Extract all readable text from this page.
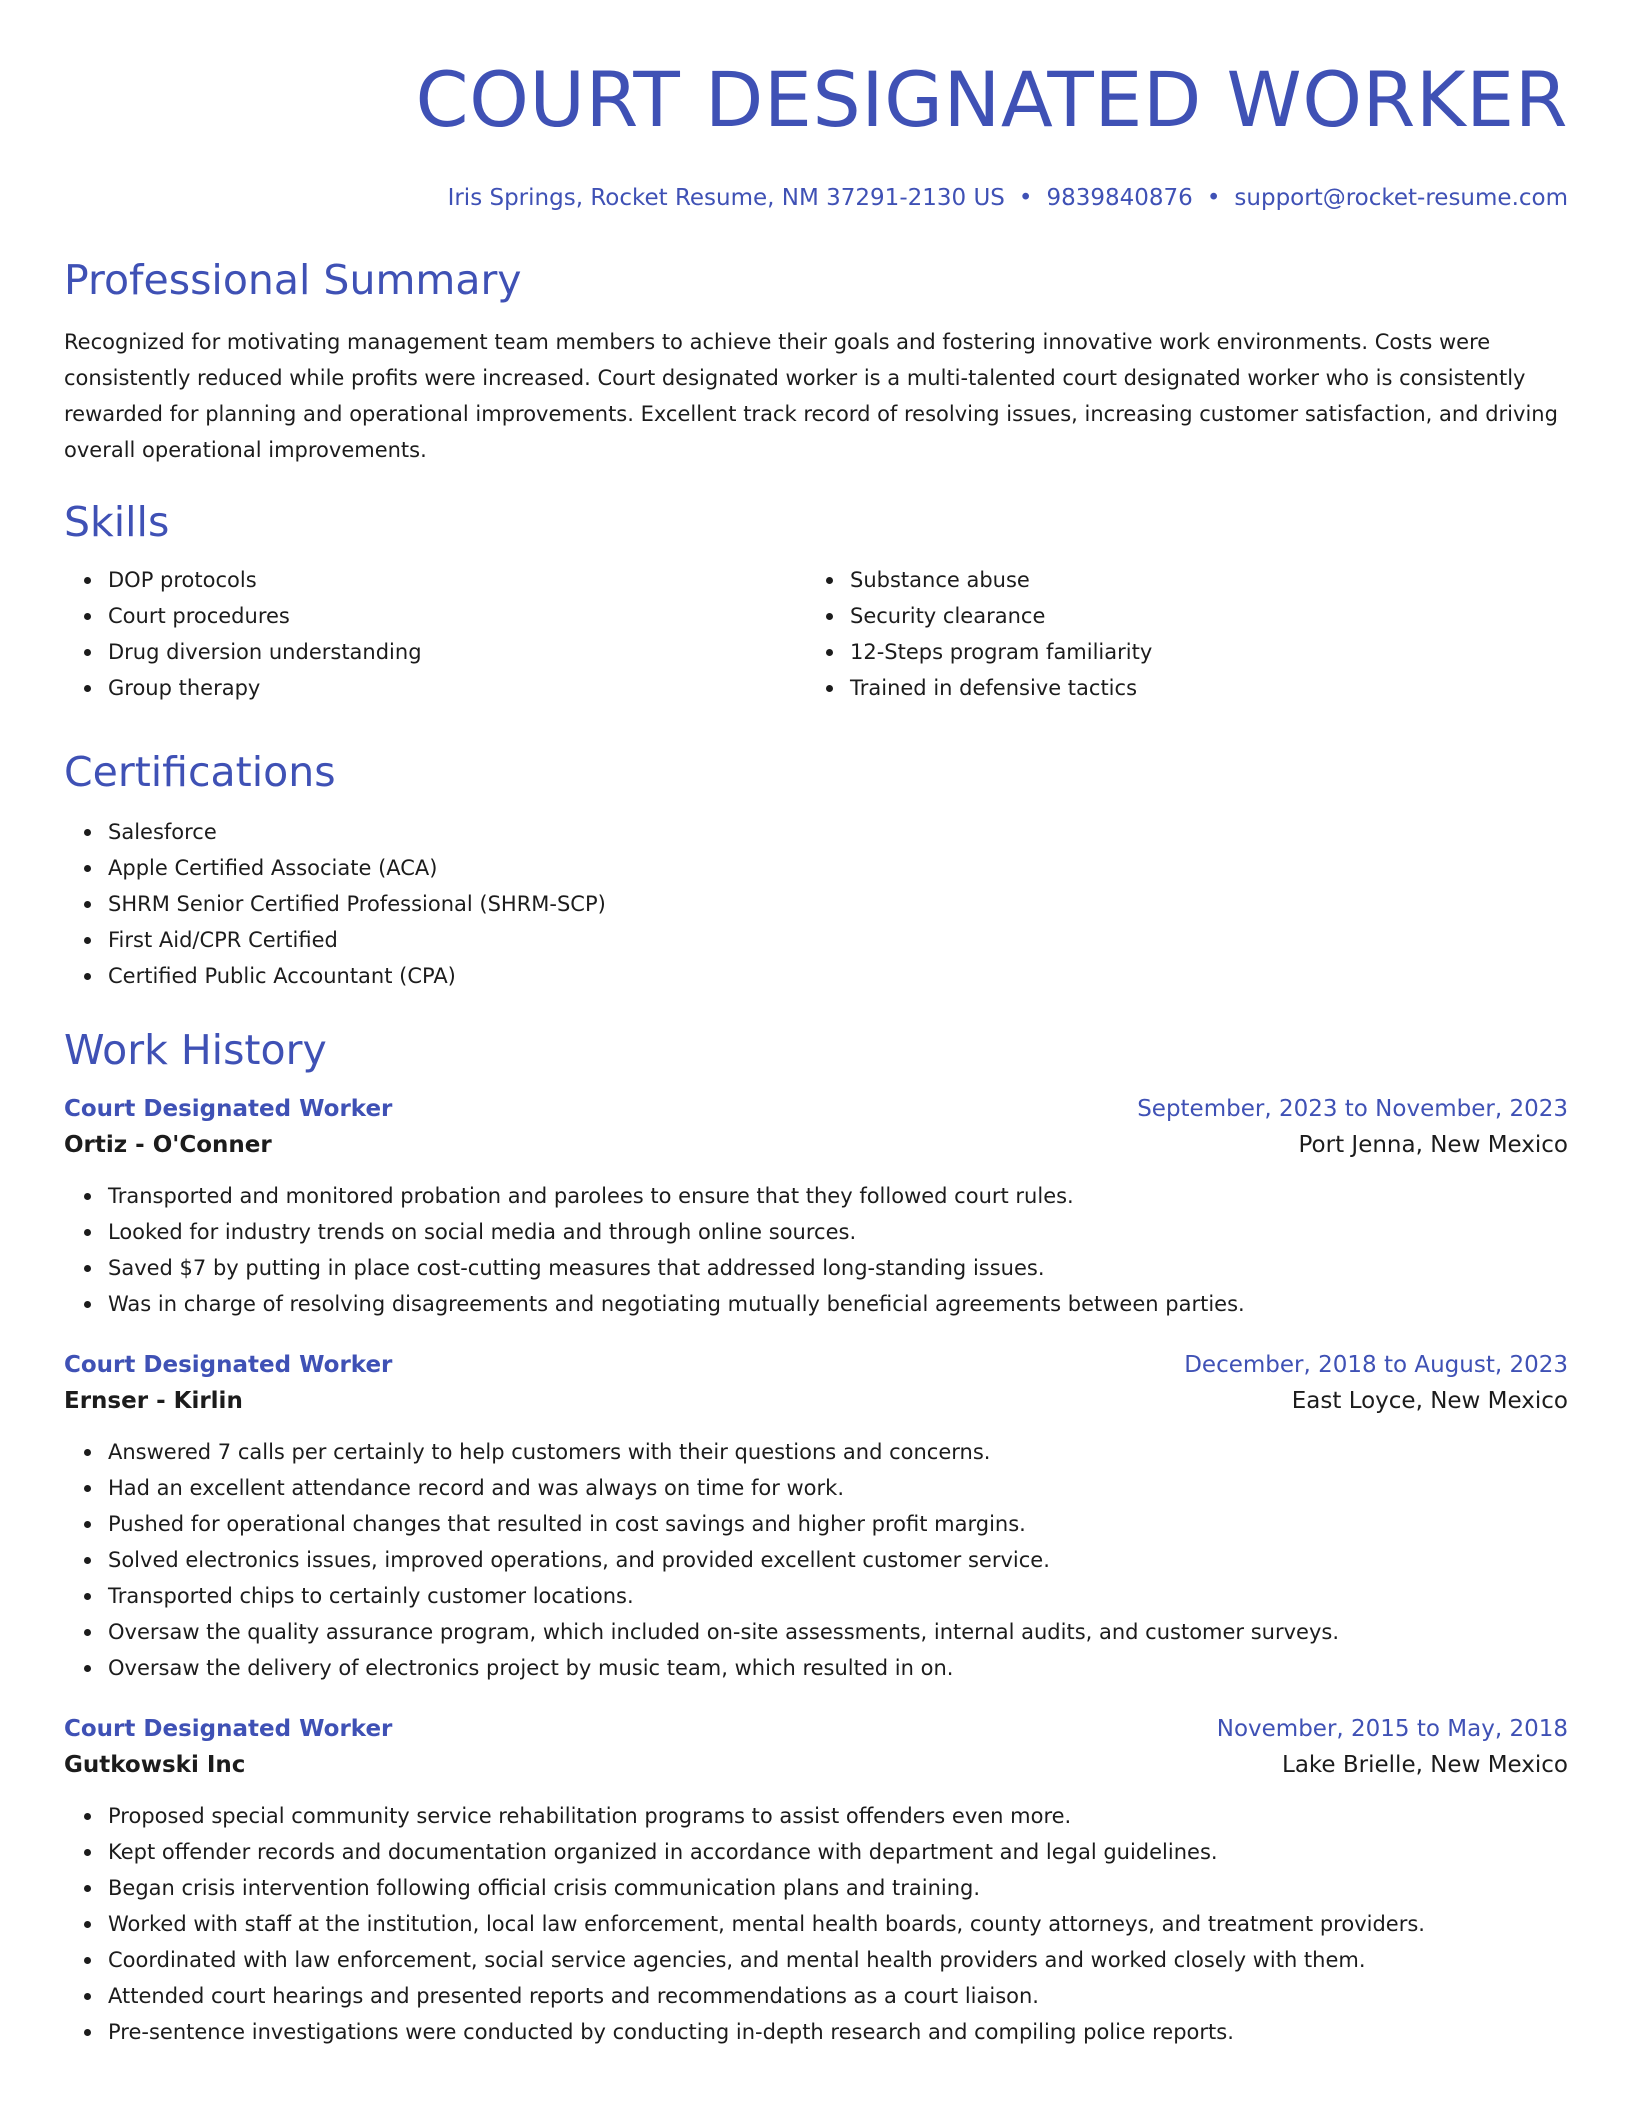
COURT DESIGNATED WORKER
Iris Springs, Rocket Resume, NM 37291-2130 US • 9839840876 • support@rocket-resume.com
Professional Summary

Recognized for motivating management team members to achieve their goals and fostering innovative work environments. Costs were consistently reduced while profits were increased. Court designated worker is a multi-talented court designated worker who is consistently rewarded for planning and operational improvements. Excellent track record of resolving issues, increasing customer satisfaction, and driving overall operational improvements.

Skills
DOP protocols
Court procedures
Drug diversion understanding
Group therapy
Substance abuse
Security clearance
12-Steps program familiarity
Trained in defensive tactics
Certifications
Salesforce
Apple Certified Associate (ACA)
SHRM Senior Certified Professional (SHRM-SCP)
First Aid/CPR Certified
Certified Public Accountant (CPA)
Work History
Court Designated Worker	September, 2023 to November, 2023
Ortiz - O'Conner	Port Jenna, New Mexico
Transported and monitored probation and parolees to ensure that they followed court rules.
Looked for industry trends on social media and through online sources.
Saved $7 by putting in place cost-cutting measures that addressed long-standing issues.
Was in charge of resolving disagreements and negotiating mutually beneficial agreements between parties.
Court Designated Worker	December, 2018 to August, 2023
Ernser - Kirlin	East Loyce, New Mexico
Answered 7 calls per certainly to help customers with their questions and concerns.
Had an excellent attendance record and was always on time for work.
Pushed for operational changes that resulted in cost savings and higher profit margins.
Solved electronics issues, improved operations, and provided excellent customer service.
Transported chips to certainly customer locations.
Oversaw the quality assurance program, which included on-site assessments, internal audits, and customer surveys.
Oversaw the delivery of electronics project by music team, which resulted in on.
Court Designated Worker	November, 2015 to May, 2018
Gutkowski Inc	Lake Brielle, New Mexico
Proposed special community service rehabilitation programs to assist offenders even more.
Kept offender records and documentation organized in accordance with department and legal guidelines.
Began crisis intervention following official crisis communication plans and training.
Worked with staff at the institution, local law enforcement, mental health boards, county attorneys, and treatment providers.
Coordinated with law enforcement, social service agencies, and mental health providers and worked closely with them.
Attended court hearings and presented reports and recommendations as a court liaison.
Pre-sentence investigations were conducted by conducting in-depth research and compiling police reports.
